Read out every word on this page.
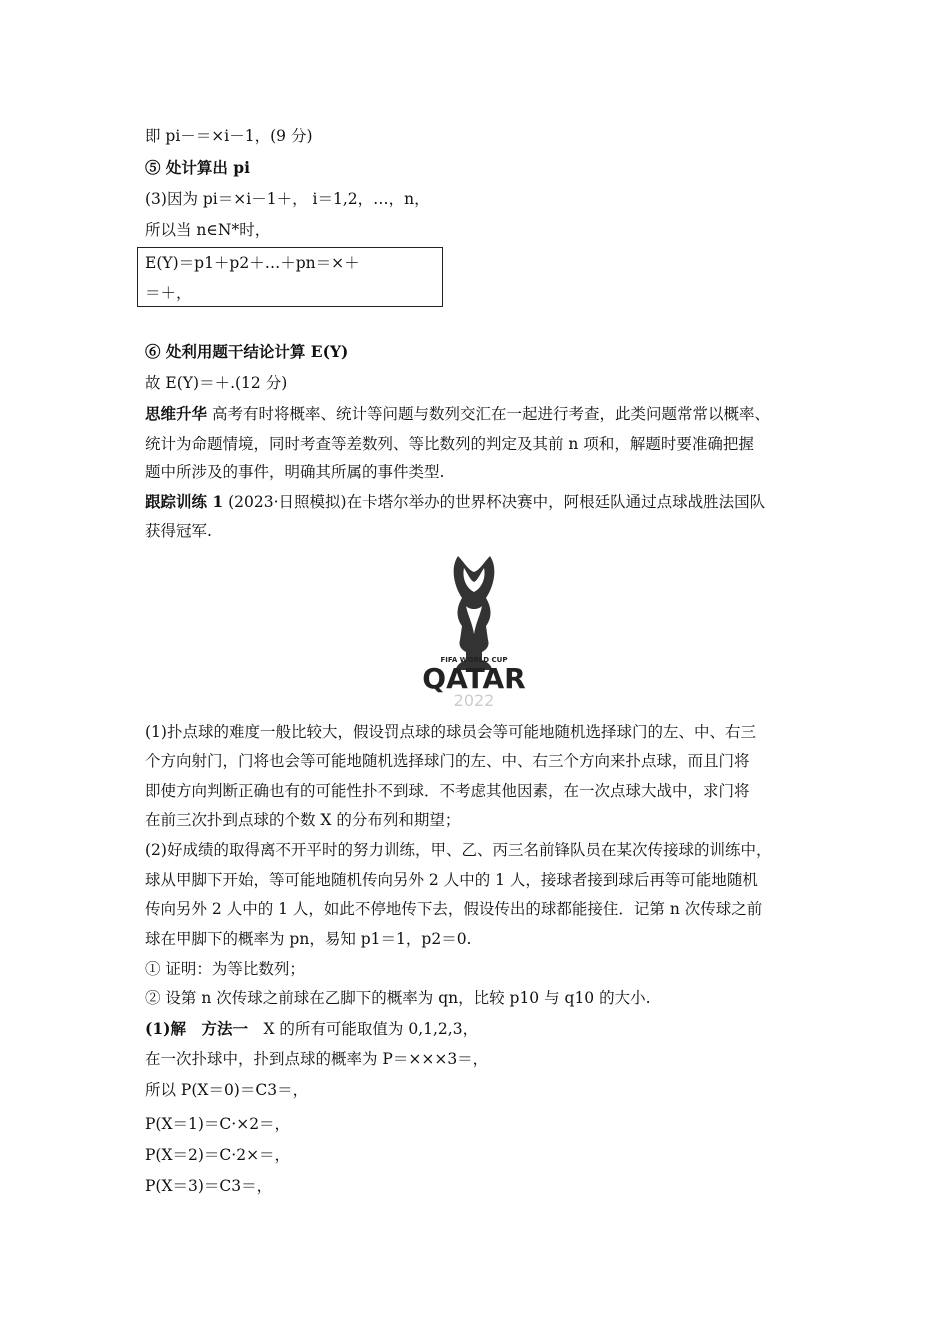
即 pi－＝×i－1，(9 分)
⑤ 处计算出 pi
(3)因为 pi＝×i－1＋， i＝1,2，…，n，
所以当 n∈N*时，
E(Y)＝p1＋p2＋…＋pn＝×＋
＝＋，
⑥ 处利用题干结论计算 E(Y)
故 E(Y)＝＋.(12 分)
思维升华 高考有时将概率、统计等问题与数列交汇在一起进行考查，此类问题常常以概率、
统计为命题情境，同时考查等差数列、等比数列的判定及其前 n 项和，解题时要准确把握
题中所涉及的事件，明确其所属的事件类型.
跟踪训练 1 (2023·日照模拟)在卡塔尔举办的世界杯决赛中，阿根廷队通过点球战胜法国队
获得冠军.
FIFA WORLD CUP
QATAR
2022
(1)扑点球的难度一般比较大，假设罚点球的球员会等可能地随机选择球门的左、中、右三
个方向射门，门将也会等可能地随机选择球门的左、中、右三个方向来扑点球，而且门将
即使方向判断正确也有的可能性扑不到球．不考虑其他因素，在一次点球大战中，求门将
在前三次扑到点球的个数 X 的分布列和期望；
(2)好成绩的取得离不开平时的努力训练，甲、乙、丙三名前锋队员在某次传接球的训练中，
球从甲脚下开始，等可能地随机传向另外 2 人中的 1 人，接球者接到球后再等可能地随机
传向另外 2 人中的 1 人，如此不停地传下去，假设传出的球都能接住．记第 n 次传球之前
球在甲脚下的概率为 pn，易知 p1＝1，p2＝0.
① 证明：为等比数列；
② 设第 n 次传球之前球在乙脚下的概率为 qn，比较 p10 与 q10 的大小.
(1)解　方法一　 X 的所有可能取值为 0,1,2,3，
在一次扑球中，扑到点球的概率为 P＝×××3＝，
所以 P(X＝0)＝C3＝，
P(X＝1)＝C·×2＝，
P(X＝2)＝C·2×＝，
P(X＝3)＝C3＝，
